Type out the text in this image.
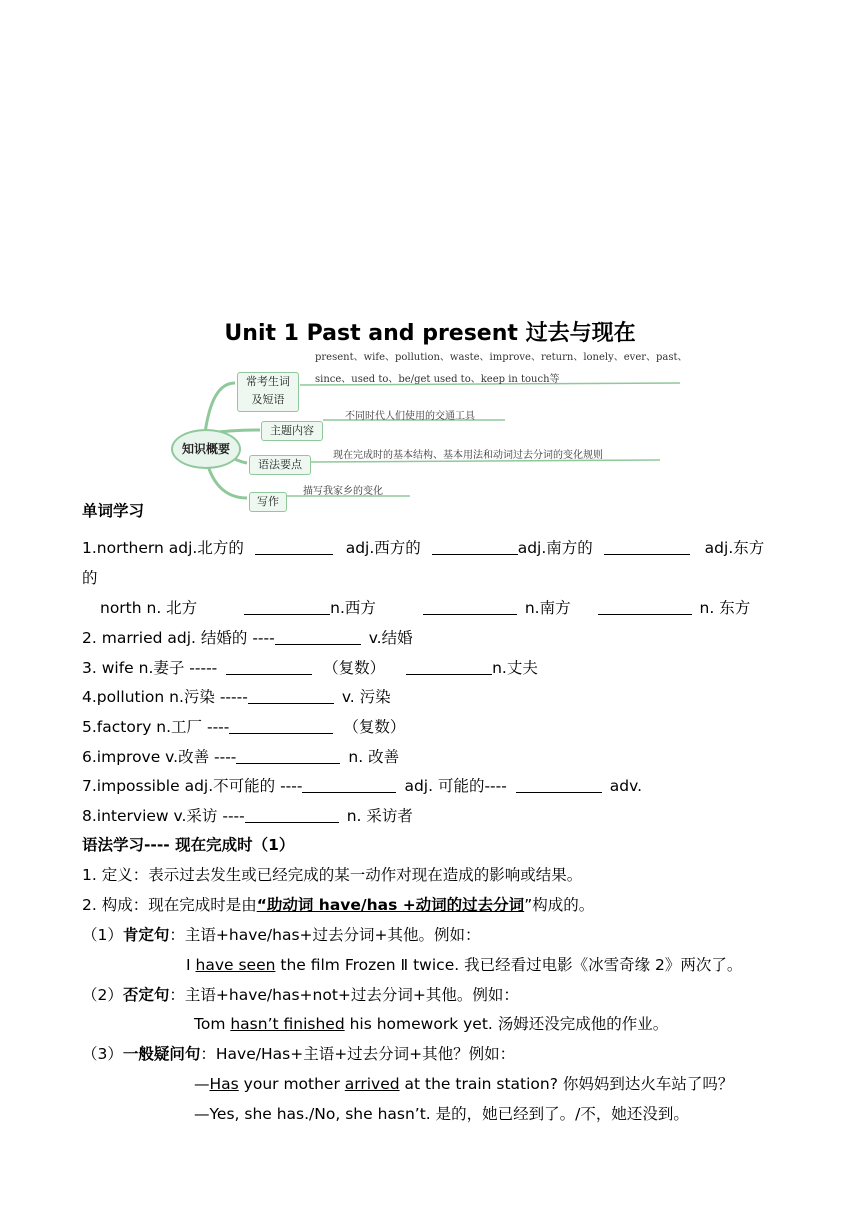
Unit 1 Past and present 过去与现在
知识概要
常考生词
及短语
主题内容
语法要点
写作
present、wife、pollution、waste、improve、return、lonely、ever、past、
since、used to、be/get used to、keep in touch等
不同时代人们使用的交通工具
现在完成时的基本结构、基本用法和动词过去分词的变化规则
描写我家乡的变化
单词学习
1.northern adj.北方的	adj.西方的	adj.南方的	adj.东方
的
north n. 北方	n.西方	n.南方	n. 东方
2. married adj. 结婚的 ----	v.结婚
3. wife n.妻子 -----	（复数）	n.丈夫
4.pollution n.污染 -----	v. 污染
5.factory n.工厂 ----	（复数）
6.improve v.改善 ----	n. 改善
7.impossible adj.不可能的 ----	adj. 可能的----	adv.
8.interview v.采访 ----	n. 采访者
语法学习---- 现在完成时（1）
1. 定义：表示过去发生或已经完成的某一动作对现在造成的影响或结果。
2. 构成：现在完成时是由“助动词 have/has +动词的过去分词”构成的。
（1）肯定句：主语+have/has+过去分词+其他。例如：
I have seen the film Frozen Ⅱ twice. 我已经看过电影《冰雪奇缘 2》两次了。
（2）否定句：主语+have/has+not+过去分词+其他。例如：
Tom hasn’t finished his homework yet. 汤姆还没完成他的作业。
（3）一般疑问句：Have/Has+主语+过去分词+其他？例如：
—Has your mother arrived at the train station? 你妈妈到达火车站了吗？
—Yes, she has./No, she hasn’t. 是的，她已经到了。/不，她还没到。
